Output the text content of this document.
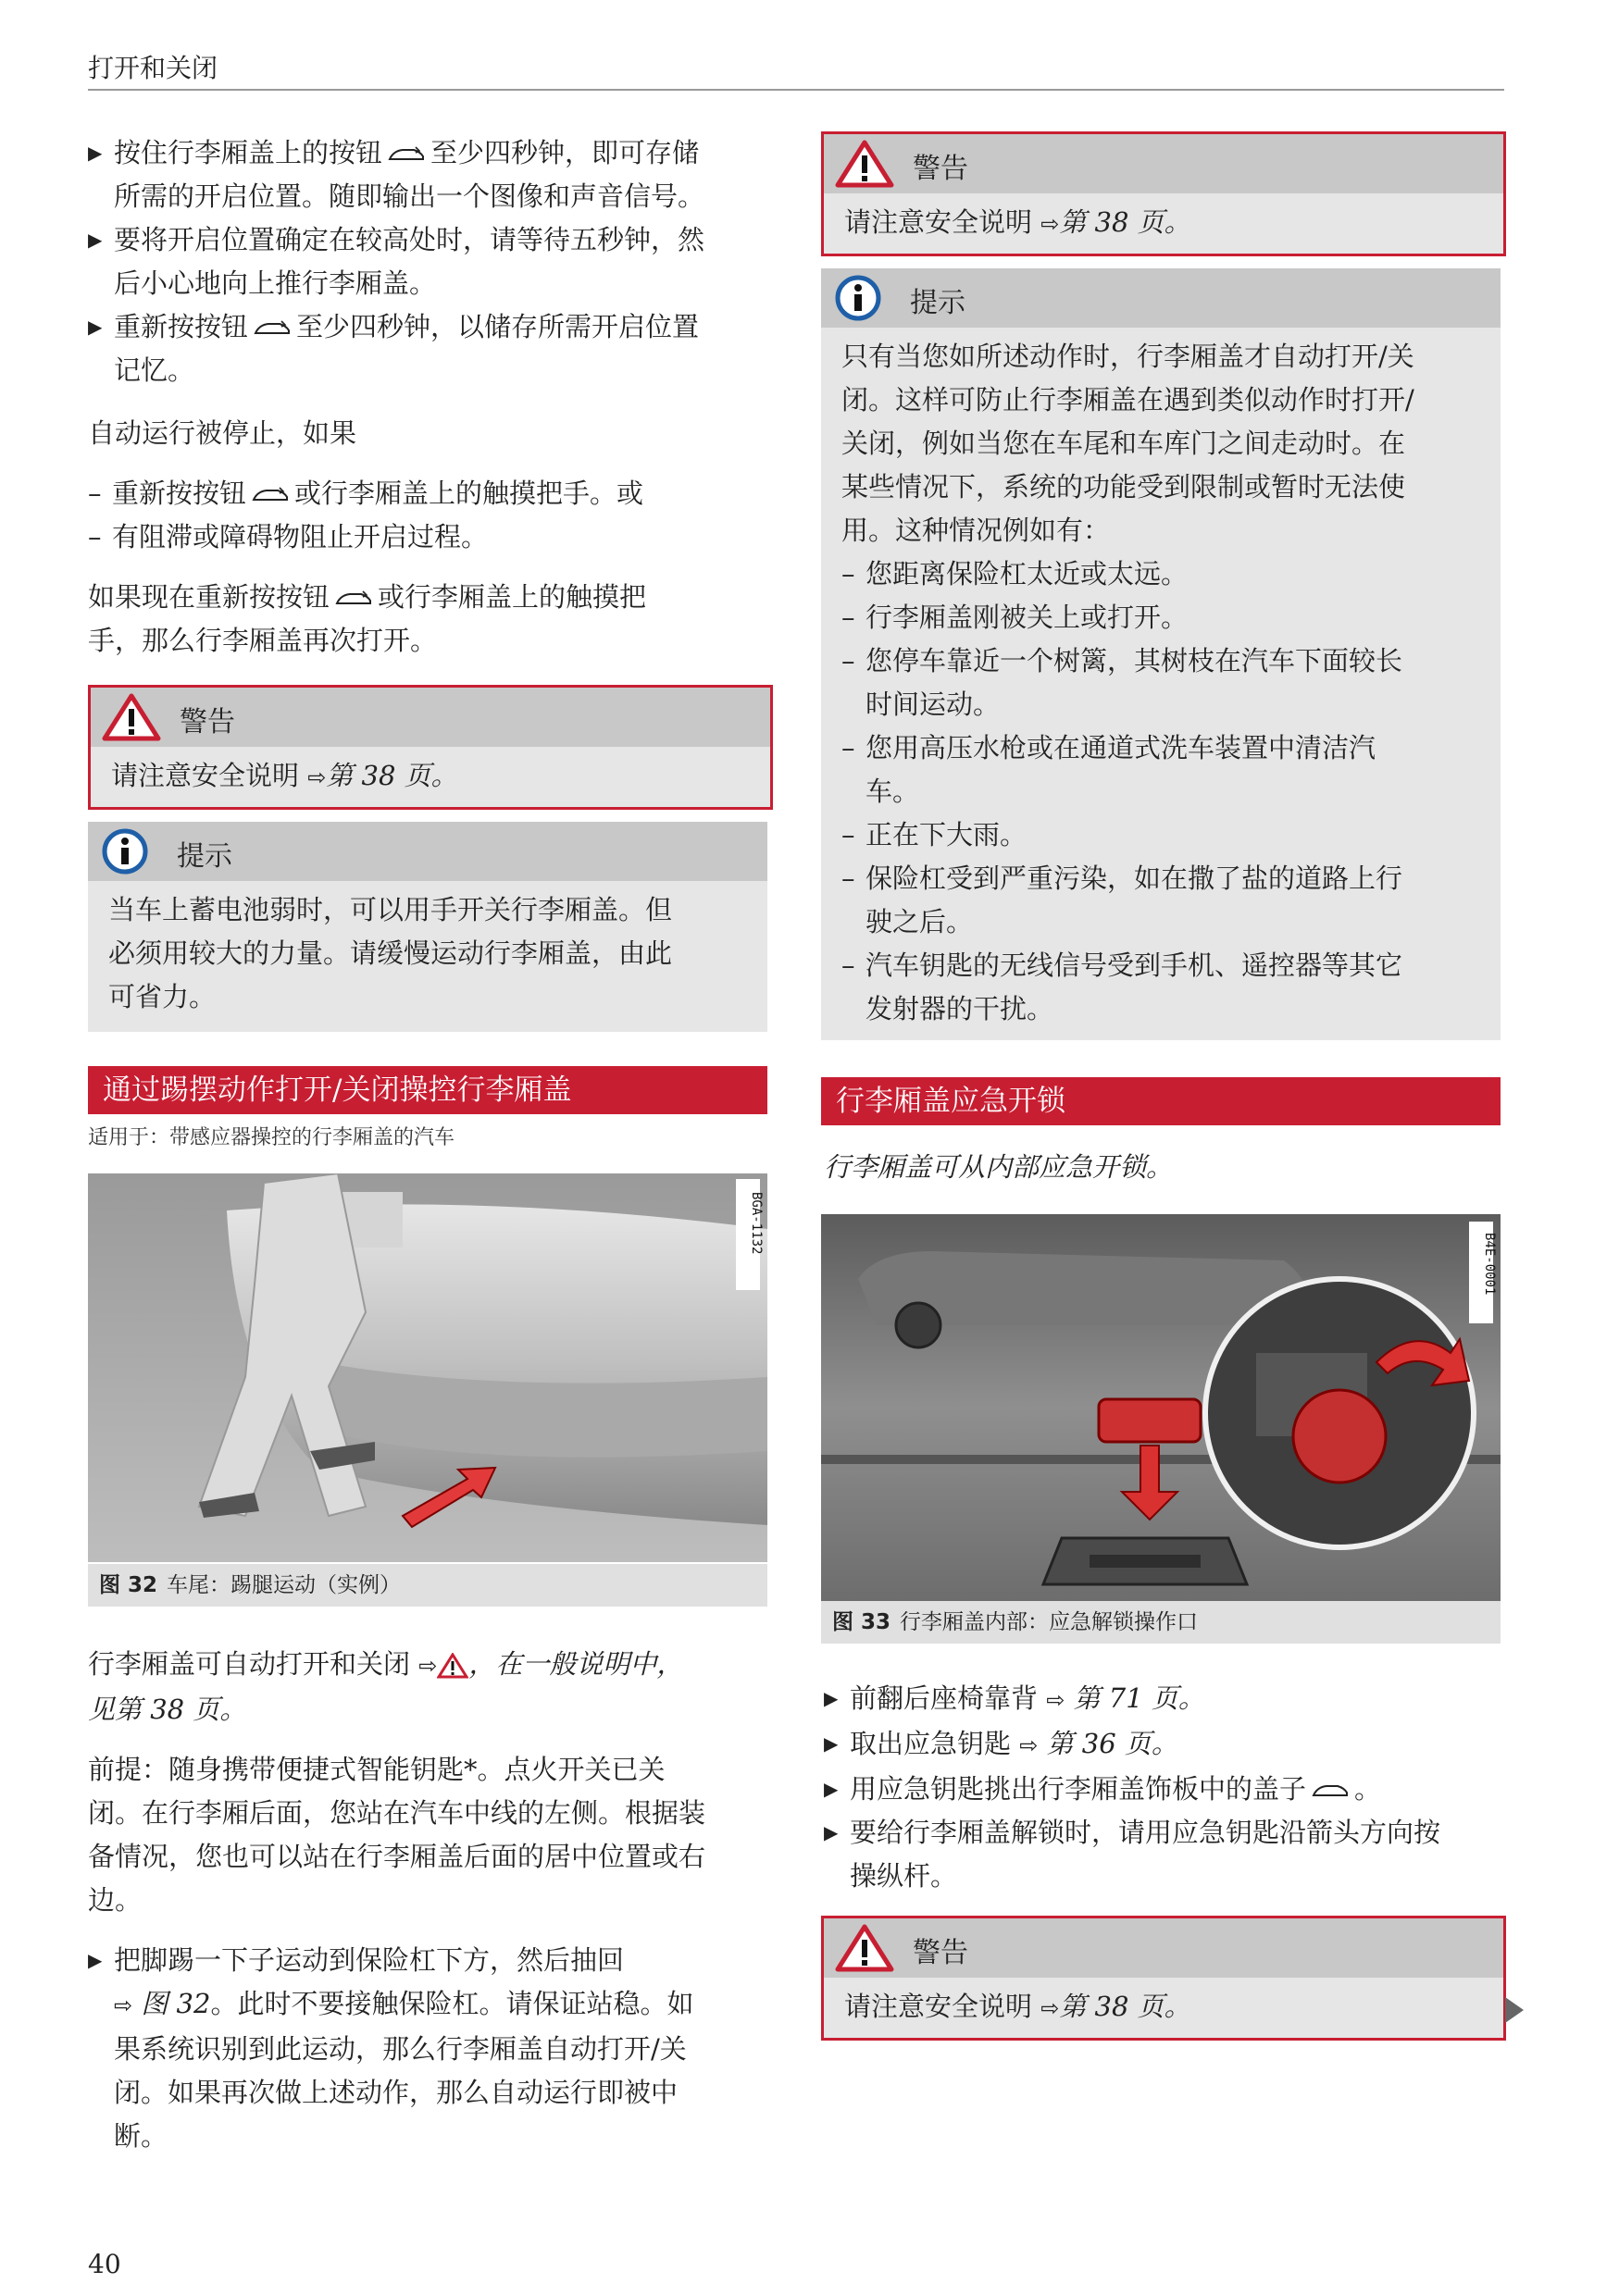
打开和关闭
▶ 按住行李厢盖上的按钮 至少四秒钟，即可存储
所需的开启位置。随即输出一个图像和声音信号。
▶ 要将开启位置确定在较高处时，请等待五秒钟，然
后小心地向上推行李厢盖。
▶ 重新按按钮 至少四秒钟，以储存所需开启位置
记忆。

自动运行被停止，如果

– 重新按按钮 或行李厢盖上的触摸把手。或
– 有阻滞或障碍物阻止开启过程。

如果现在重新按按钮 或行李厢盖上的触摸把
手，那么行李厢盖再次打开。

警告
请注意安全说明 ⇨第 38 页。
提示
当车上蓄电池弱时，可以用手开关行李厢盖。但
必须用较大的力量。请缓慢运动行李厢盖，由此
可省力。
通过踢摆动作打开/关闭操控行李厢盖
适用于：带感应器操控的行李厢盖的汽车
BGA-1132
图 32 车尾：踢腿运动（实例）

行李厢盖可自动打开和关闭 ⇨ ，在一般说明中，
见第 38 页。

前提：随身携带便捷式智能钥匙*。点火开关已关
闭。在行李厢后面，您站在汽车中线的左侧。根据装
备情况，您也可以站在行李厢盖后面的居中位置或右
边。
▶ 把脚踢一下子运动到保险杠下方，然后抽回
⇨ 图 32。此时不要接触保险杠。请保证站稳。如
果系统识别到此运动，那么行李厢盖自动打开/关
闭。如果再次做上述动作，那么自动运行即被中
断。
警告
请注意安全说明 ⇨第 38 页。
提示
只有当您如所述动作时，行李厢盖才自动打开/关
闭。这样可防止行李厢盖在遇到类似动作时打开/
关闭，例如当您在车尾和车库门之间走动时。在
某些情况下，系统的功能受到限制或暂时无法使
用。这种情况例如有：
– 您距离保险杠太近或太远。
– 行李厢盖刚被关上或打开。
– 您停车靠近一个树篱，其树枝在汽车下面较长
时间运动。
– 您用高压水枪或在通道式洗车装置中清洁汽
车。
– 正在下大雨。
– 保险杠受到严重污染，如在撒了盐的道路上行
驶之后。
– 汽车钥匙的无线信号受到手机、遥控器等其它
发射器的干扰。
行李厢盖应急开锁
行李厢盖可从内部应急开锁。
B4E-0001
图 33 行李厢盖内部：应急解锁操作口
▶ 前翻后座椅靠背 ⇨ 第 71 页。
▶ 取出应急钥匙 ⇨ 第 36 页。
▶ 用应急钥匙挑出行李厢盖饰板中的盖子 。
▶ 要给行李厢盖解锁时，请用应急钥匙沿箭头方向按
操纵杆。
警告
请注意安全说明 ⇨第 38 页。
40
